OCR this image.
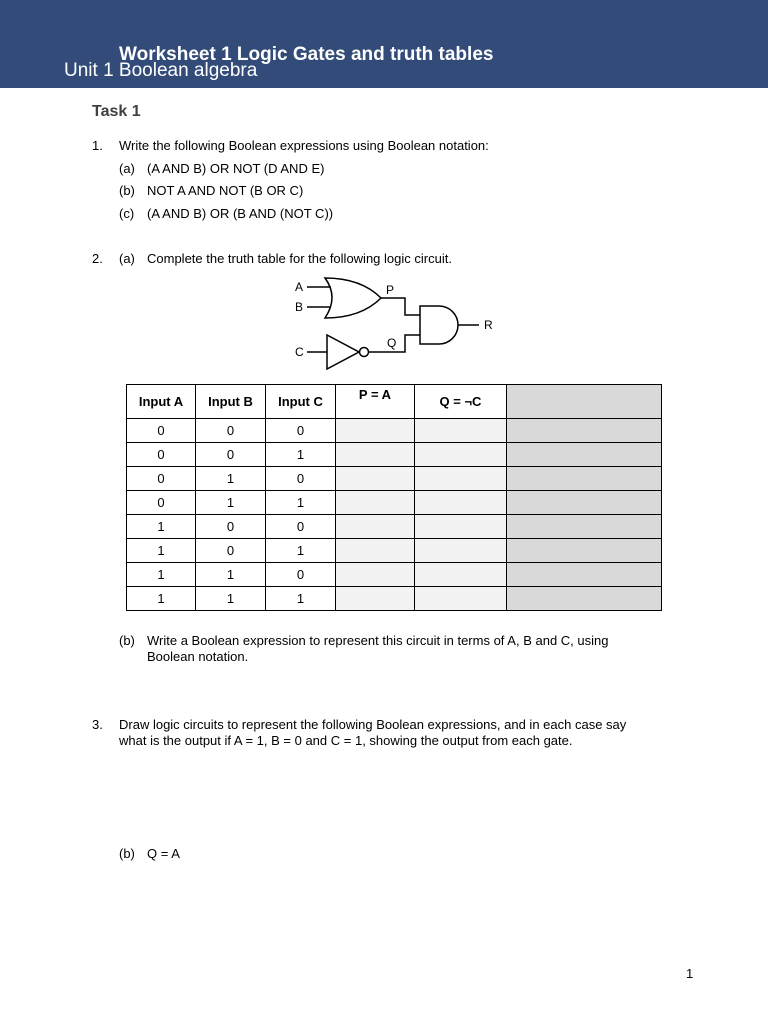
Worksheet 1 Logic Gates and truth tables
Unit 1 Boolean algebra
Task 1
1. Write the following Boolean expressions using Boolean notation:
(a) (A AND B) OR NOT (D AND E)
(b) NOT A AND NOT (B OR C)
(c) (A AND B) OR (B AND (NOT C))
2. (a) Complete the truth table for the following logic circuit.
A
B
C
P
Q
R
Input A	Input B	Input C	P = A	Q = ¬C	
0	0	0			
0	0	1			
0	1	0			
0	1	1			
1	0	0			
1	0	1			
1	1	0			
1	1	1			
(b) Write a Boolean expression to represent this circuit in terms of A, B and C, using
Boolean notation.
3. Draw logic circuits to represent the following Boolean expressions, and in each case say
what is the output if A = 1, B = 0 and C = 1, showing the output from each gate.
(b) Q = A
1
